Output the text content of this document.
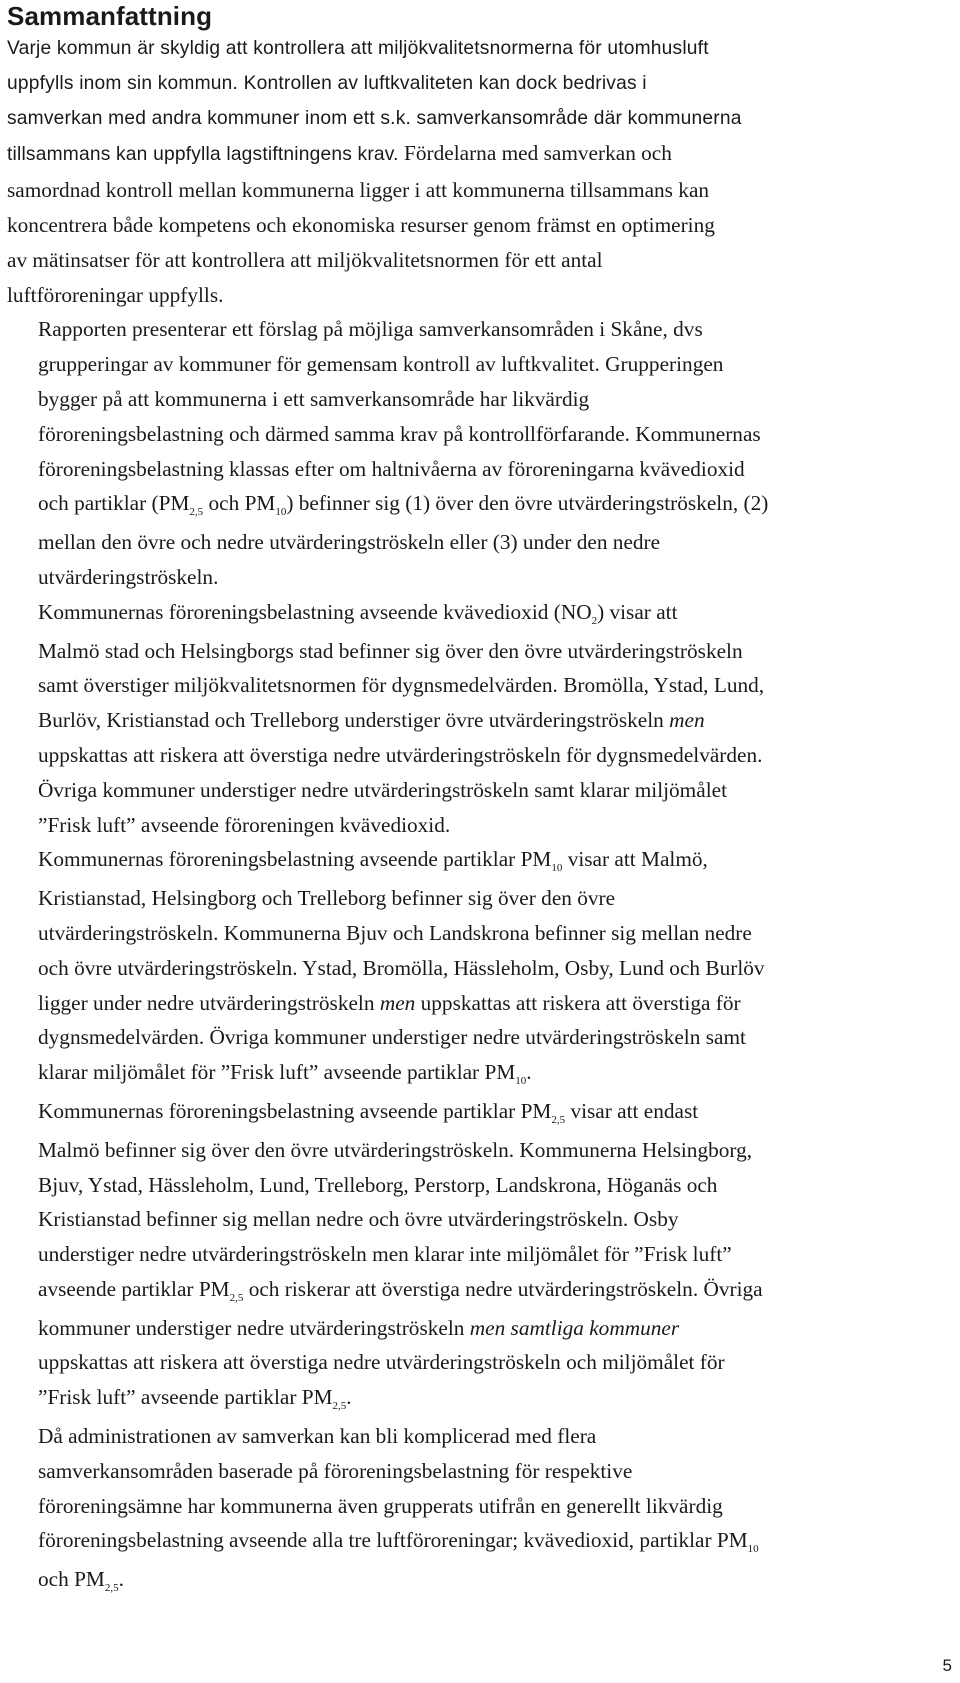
Sammanfattning

Varje kommun är skyldig att kontrollera att miljökvalitetsnormerna för utomhusluft
uppfylls inom sin kommun. Kontrollen av luftkvaliteten kan dock bedrivas i
samverkan med andra kommuner inom ett s.k. samverkansområde där kommunerna
tillsammans kan uppfylla lagstiftningens krav. Fördelarna med samverkan och
samordnad kontroll mellan kommunerna ligger i att kommunerna tillsammans kan
koncentrera både kompetens och ekonomiska resurser genom främst en optimering
av mätinsatser för att kontrollera att miljökvalitetsnormen för ett antal
luftföroreningar uppfylls.

Rapporten presenterar ett förslag på möjliga samverkansområden i Skåne, dvs
grupperingar av kommuner för gemensam kontroll av luftkvalitet. Grupperingen
bygger på att kommunerna i ett samverkansområde har likvärdig
föroreningsbelastning och därmed samma krav på kontrollförfarande. Kommunernas
föroreningsbelastning klassas efter om haltnivåerna av föroreningarna kvävedioxid
och partiklar ($PM_{2,5}$ och $PM_{10}$) befinner sig (1) över den övre utvärderingströskeln, (2)
mellan den övre och nedre utvärderingströskeln eller (3) under den nedre
utvärderingströskeln.

Kommunernas föroreningsbelastning avseende kvävedioxid $(NO_2)$ visar att
Malmö stad och Helsingborgs stad befinner sig över den övre utvärderingströskeln
samt överstiger miljökvalitetsnormen för dygnsmedelvärden. Bromölla, Ystad, Lund,
Burlöv, Kristianstad och Trelleborg understiger övre utvärderingströskeln men
uppskattas att riskera att överstiga nedre utvärderingströskeln för dygnsmedelvärden.
Övriga kommuner understiger nedre utvärderingströskeln samt klarar miljömålet
”Frisk luft” avseende föroreningen kvävedioxid.

Kommunernas föroreningsbelastning avseende partiklar $PM_{10}$ visar att Malmö,
Kristianstad, Helsingborg och Trelleborg befinner sig över den övre
utvärderingströskeln. Kommunerna Bjuv och Landskrona befinner sig mellan nedre
och övre utvärderingströskeln. Ystad, Bromölla, Hässleholm, Osby, Lund och Burlöv
ligger under nedre utvärderingströskeln men uppskattas att riskera att överstiga för
dygnsmedelvärden. Övriga kommuner understiger nedre utvärderingströskeln samt
klarar miljömålet för ”Frisk luft” avseende partiklar $PM_{10}$.

Kommunernas föroreningsbelastning avseende partiklar $PM_{2,5}$ visar att endast
Malmö befinner sig över den övre utvärderingströskeln. Kommunerna Helsingborg,
Bjuv, Ystad, Hässleholm, Lund, Trelleborg, Perstorp, Landskrona, Höganäs och
Kristianstad befinner sig mellan nedre och övre utvärderingströskeln. Osby
understiger nedre utvärderingströskeln men klarar inte miljömålet för ”Frisk luft”
avseende partiklar $PM_{2,5}$ och riskerar att överstiga nedre utvärderingströskeln. Övriga
kommuner understiger nedre utvärderingströskeln men samtliga kommuner
uppskattas att riskera att överstiga nedre utvärderingströskeln och miljömålet för
”Frisk luft” avseende partiklar $PM_{2,5}$.

Då administrationen av samverkan kan bli komplicerad med flera
samverkansområden baserade på föroreningsbelastning för respektive
föroreningsämne har kommunerna även grupperats utifrån en generellt likvärdig
föroreningsbelastning avseende alla tre luftföroreningar; kvävedioxid, partiklar $PM_{10}$
och $PM_{2,5}$.

5
